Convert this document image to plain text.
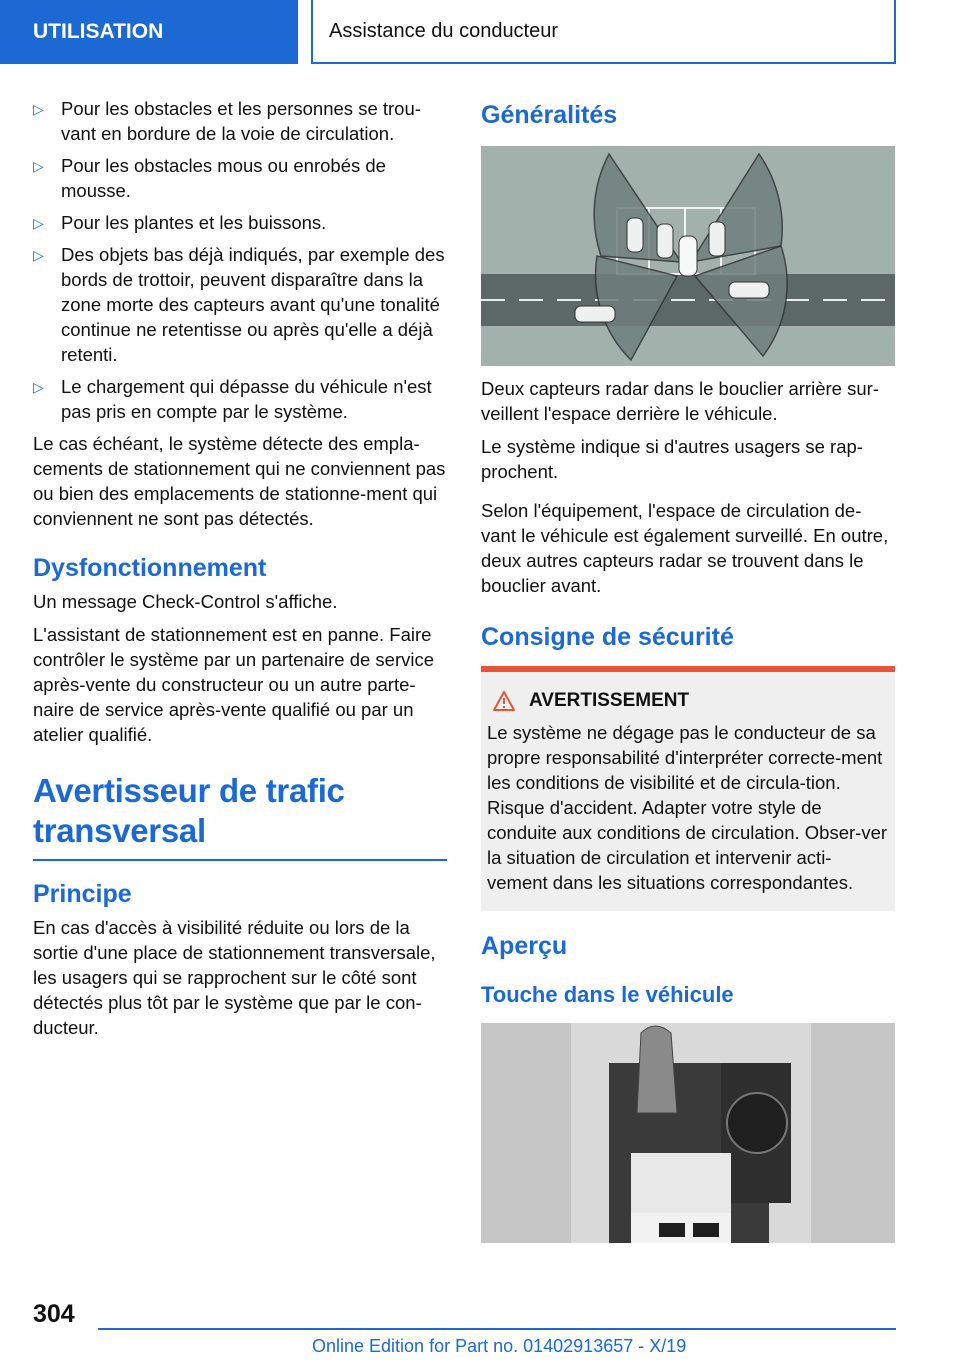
UTILISATION	Assistance du conducteur
▷ Pour les obstacles et les personnes se trou‐vant en bordure de la voie de circulation.
▷ Pour les obstacles mous ou enrobés de mousse.
▷ Pour les plantes et les buissons.
▷ Des objets bas déjà indiqués, par exemple des bords de trottoir, peuvent disparaître dans la zone morte des capteurs avant qu'une tonalité continue ne retentisse ou après qu'elle a déjà retenti.
▷ Le chargement qui dépasse du véhicule n'est pas pris en compte par le système.

Le cas échéant, le système détecte des empla‐cements de stationnement qui ne conviennent pas ou bien des emplacements de stationne‐ment qui conviennent ne sont pas détectés.

Dysfonctionnement

Un message Check-Control s'affiche.

L'assistant de stationnement est en panne. Faire contrôler le système par un partenaire de service après-vente du constructeur ou un autre parte‐naire de service après-vente qualifié ou par un atelier qualifié.

Avertisseur de trafic
transversal
Principe

En cas d'accès à visibilité réduite ou lors de la sortie d'une place de stationnement transversale, les usagers qui se rapprochent sur le côté sont détectés plus tôt par le système que par le con‐ducteur.

Généralités

Deux capteurs radar dans le bouclier arrière sur‐veillent l'espace derrière le véhicule.

Le système indique si d'autres usagers se rap‐prochent.

Selon l'équipement, l'espace de circulation de‐vant le véhicule est également surveillé. En outre, deux autres capteurs radar se trouvent dans le bouclier avant.

Consigne de sécurité
AVERTISSEMENT

Le système ne dégage pas le conducteur de sa propre responsabilité d'interpréter correcte‐ment les conditions de visibilité et de circula‐tion. Risque d'accident. Adapter votre style de conduite aux conditions de circulation. Obser‐ver la situation de circulation et intervenir acti‐vement dans les situations correspondantes.

Aperçu
Touche dans le véhicule
304
Online Edition for Part no. 01402913657 - X/19
